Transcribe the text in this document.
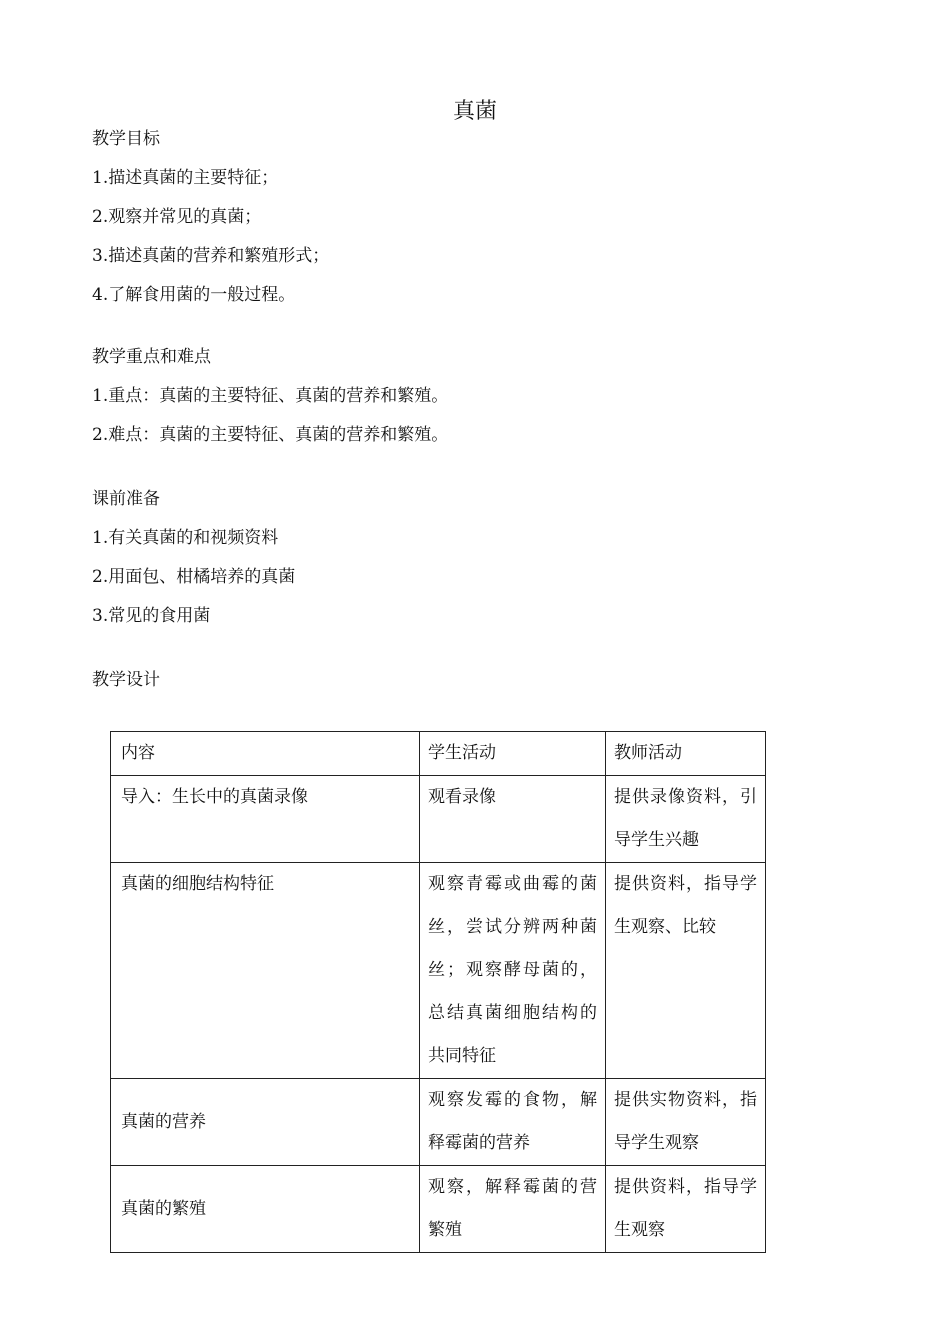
真菌
教学目标
1.描述真菌的主要特征；
2.观察并常见的真菌；
3.描述真菌的营养和繁殖形式；
4.了解食用菌的一般过程。
教学重点和难点
1.重点：真菌的主要特征、真菌的营养和繁殖。
2.难点：真菌的主要特征、真菌的营养和繁殖。
课前准备
1.有关真菌的和视频资料
2.用面包、柑橘培养的真菌
3.常见的食用菌
教学设计
内容	学生活动	教师活动
导入：生长中的真菌录像	观看录像	提供录像资料，引导学生兴趣
真菌的细胞结构特征	观察青霉或曲霉的菌丝，尝试分辨两种菌丝；观察酵母菌的，总结真菌细胞结构的共同特征	提供资料，指导学生观察、比较
真菌的营养	观察发霉的食物，解释霉菌的营养	提供实物资料，指导学生观察
真菌的繁殖	观察，解释霉菌的营繁殖	提供资料，指导学生观察
